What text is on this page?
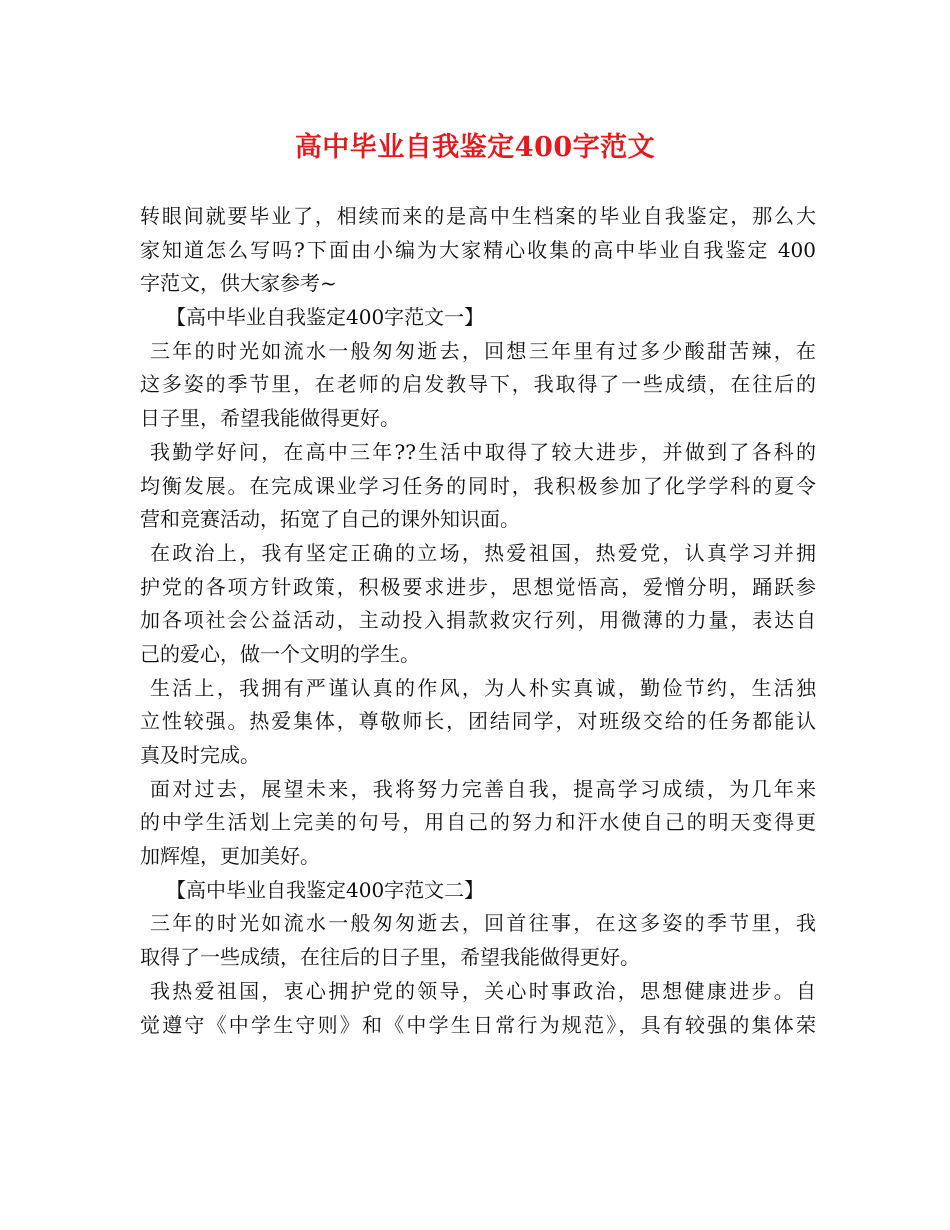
高中毕业自我鉴定400字范文
转眼间就要毕业了，相续而来的是高中生档案的毕业自我鉴定，那么大
家知道怎么写吗?下面由小编为大家精心收集的高中毕业自我鉴定 400
字范文，供大家参考~
【高中毕业自我鉴定400字范文一】
三年的时光如流水一般匆匆逝去，回想三年里有过多少酸甜苦辣，在
这多姿的季节里，在老师的启发教导下，我取得了一些成绩，在往后的
日子里，希望我能做得更好。
我勤学好问，在高中三年??生活中取得了较大进步，并做到了各科的
均衡发展。在完成课业学习任务的同时，我积极参加了化学学科的夏令
营和竞赛活动，拓宽了自己的课外知识面。
在政治上，我有坚定正确的立场，热爱祖国，热爱党，认真学习并拥
护党的各项方针政策，积极要求进步，思想觉悟高，爱憎分明，踊跃参
加各项社会公益活动，主动投入捐款救灾行列，用微薄的力量，表达自
己的爱心，做一个文明的学生。
生活上，我拥有严谨认真的作风，为人朴实真诚，勤俭节约，生活独
立性较强。热爱集体，尊敬师长，团结同学，对班级交给的任务都能认
真及时完成。
面对过去，展望未来，我将努力完善自我，提高学习成绩，为几年来
的中学生活划上完美的句号，用自己的努力和汗水使自己的明天变得更
加辉煌，更加美好。
【高中毕业自我鉴定400字范文二】
三年的时光如流水一般匆匆逝去，回首往事，在这多姿的季节里，我
取得了一些成绩，在往后的日子里，希望我能做得更好。
我热爱祖国，衷心拥护党的领导，关心时事政治，思想健康进步。自
觉遵守《中学生守则》和《中学生日常行为规范》，具有较强的集体荣
